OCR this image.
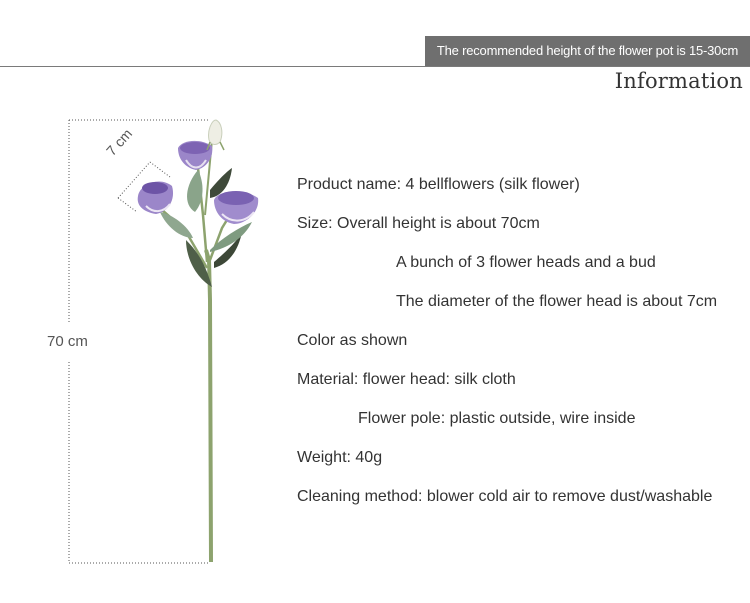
The recommended height of the flower pot is 15-30cm
Information
70 cm
7 cm
Product name: 4 bellflowers (silk flower)
Size: Overall height is about 70cm
A bunch of 3 flower heads and a bud
The diameter of the flower head is about 7cm
Color as shown
Material: flower head: silk cloth
Flower pole: plastic outside, wire inside
Weight: 40g
Cleaning method: blower cold air to remove dust/washable
